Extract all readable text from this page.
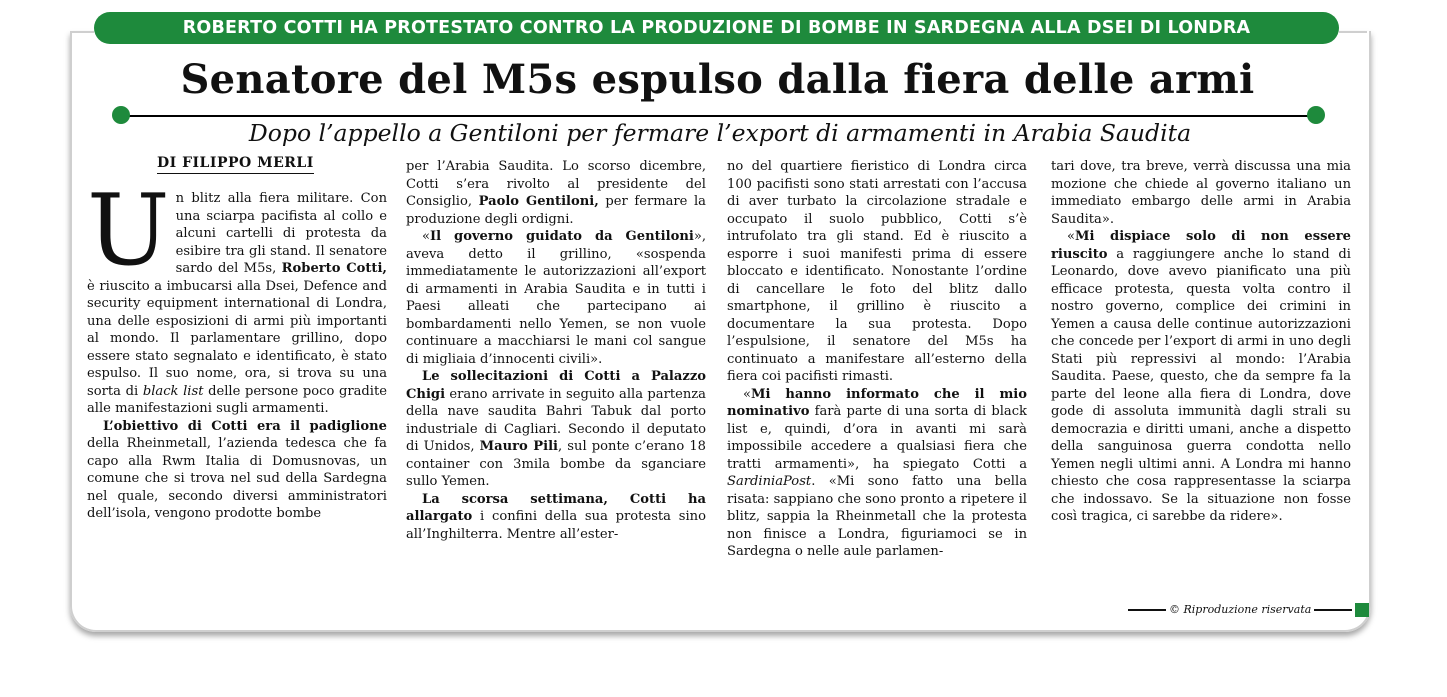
ROBERTO COTTI HA PROTESTATO CONTRO LA PRODUZIONE DI BOMBE IN SARDEGNA ALLA DSEI DI LONDRA
Senatore del M5s espulso dalla fiera delle armi
Dopo l’appello a Gentiloni per fermare l’export di armamenti in Arabia Saudita
DI FILIPPO MERLI

Un blitz alla fiera militare. Con una sciarpa pacifista al collo e alcuni cartelli di protesta da esibire tra gli stand. Il senatore sardo del M5s, Roberto Cotti, è riuscito a imbucarsi alla Dsei, Defence and security equipment international di Londra, una delle esposizioni di armi più importanti al mondo. Il parlamentare grillino, dopo essere stato segnalato e identificato, è stato espulso. Il suo nome, ora, si trova su una sorta di black list delle persone poco gradite alle manifestazioni sugli armamenti.

L’obiettivo di Cotti era il padiglione della Rheinmetall, l’azienda tedesca che fa capo alla Rwm Italia di Domusnovas, un comune che si trova nel sud della Sardegna nel quale, secondo diversi amministratori dell’isola, vengono prodotte bombe

per l’Arabia Saudita. Lo scorso dicembre, Cotti s’era rivolto al presidente del Consiglio, Paolo Gentiloni, per fermare la produzione degli ordigni.

«Il governo guidato da Gentiloni», aveva detto il grillino, «sospenda immediatamente le autorizzazioni all’export di armamenti in Arabia Saudita e in tutti i Paesi alleati che partecipano ai bombardamenti nello Yemen, se non vuole continuare a macchiarsi le mani col sangue di migliaia d’innocenti civili».

Le sollecitazioni di Cotti a Palazzo Chigi erano arrivate in seguito alla partenza della nave saudita Bahri Tabuk dal porto industriale di Cagliari. Secondo il deputato di Unidos, Mauro Pili, sul ponte c’erano 18 container con 3mila bombe da sganciare sullo Yemen.

La scorsa settimana, Cotti ha allargato i confini della sua protesta sino all’Inghilterra. Mentre all’ester-

no del quartiere fieristico di Londra circa 100 pacifisti sono stati arrestati con l’accusa di aver turbato la circolazione stradale e occupato il suolo pubblico, Cotti s’è intrufolato tra gli stand. Ed è riuscito a esporre i suoi manifesti prima di essere bloccato e identificato. Nonostante l’ordine di cancellare le foto del blitz dallo smartphone, il grillino è riuscito a documentare la sua protesta. Dopo l’espulsione, il senatore del M5s ha continuato a manifestare all’esterno della fiera coi pacifisti rimasti.

«Mi hanno informato che il mio nominativo farà parte di una sorta di black list e, quindi, d’ora in avanti mi sarà impossibile accedere a qualsiasi fiera che tratti armamenti», ha spiegato Cotti a SardiniaPost. «Mi sono fatto una bella risata: sappiano che sono pronto a ripetere il blitz, sappia la Rheinmetall che la protesta non finisce a Londra, figuriamoci se in Sardegna o nelle aule parlamen-

tari dove, tra breve, verrà discussa una mia mozione che chiede al governo italiano un immediato embargo delle armi in Arabia Saudita».

«Mi dispiace solo di non essere riuscito a raggiungere anche lo stand di Leonardo, dove avevo pianificato una più efficace protesta, questa volta contro il nostro governo, complice dei crimini in Yemen a causa delle continue autorizzazioni che concede per l’export di armi in uno degli Stati più repressivi al mondo: l’Arabia Saudita. Paese, questo, che da sempre fa la parte del leone alla fiera di Londra, dove gode di assoluta immunità dagli strali su democrazia e diritti umani, anche a dispetto della sanguinosa guerra condotta nello Yemen negli ultimi anni. A Londra mi hanno chiesto che cosa rappresentasse la sciarpa che indossavo. Se la situazione non fosse così tragica, ci sarebbe da ridere».

© Riproduzione riservata
